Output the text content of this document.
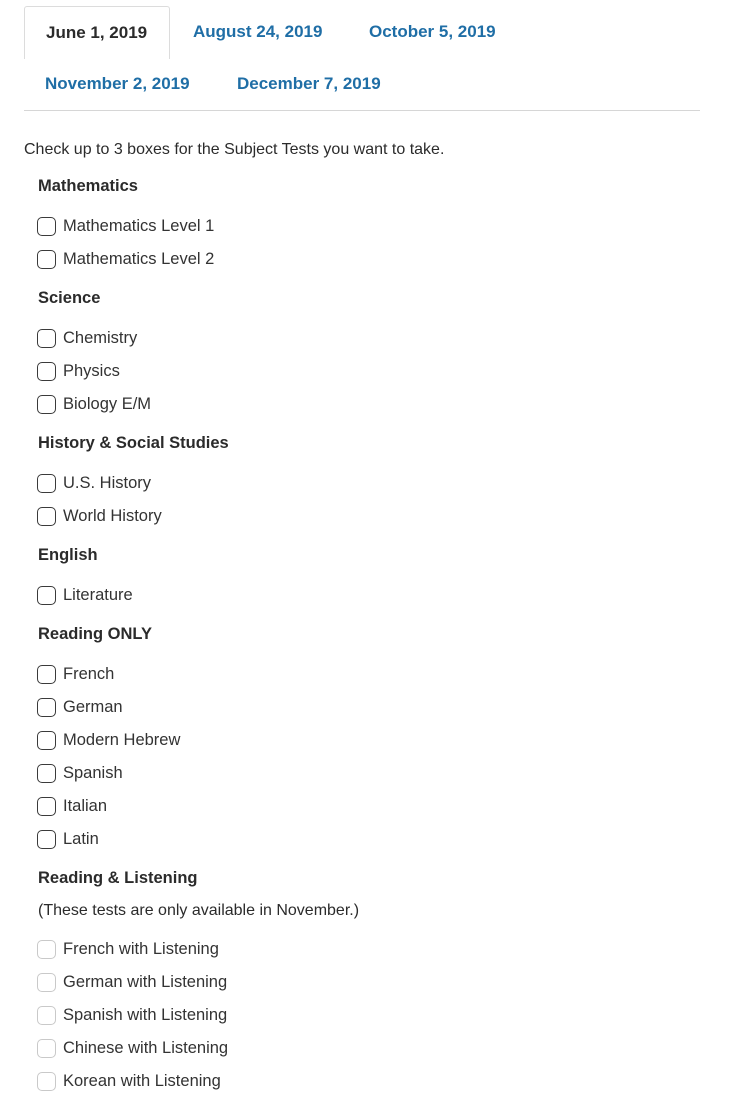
June 1, 2019	August 24, 2019	October 5, 2019
November 2, 2019	December 7, 2019
Check up to 3 boxes for the Subject Tests you want to take.
Mathematics
Mathematics Level 1
Mathematics Level 2
Science
Chemistry
Physics
Biology E/M
History & Social Studies
U.S. History
World History
English
Literature
Reading ONLY
French
German
Modern Hebrew
Spanish
Italian
Latin
Reading & Listening
(These tests are only available in November.)
French with Listening
German with Listening
Spanish with Listening
Chinese with Listening
Korean with Listening
